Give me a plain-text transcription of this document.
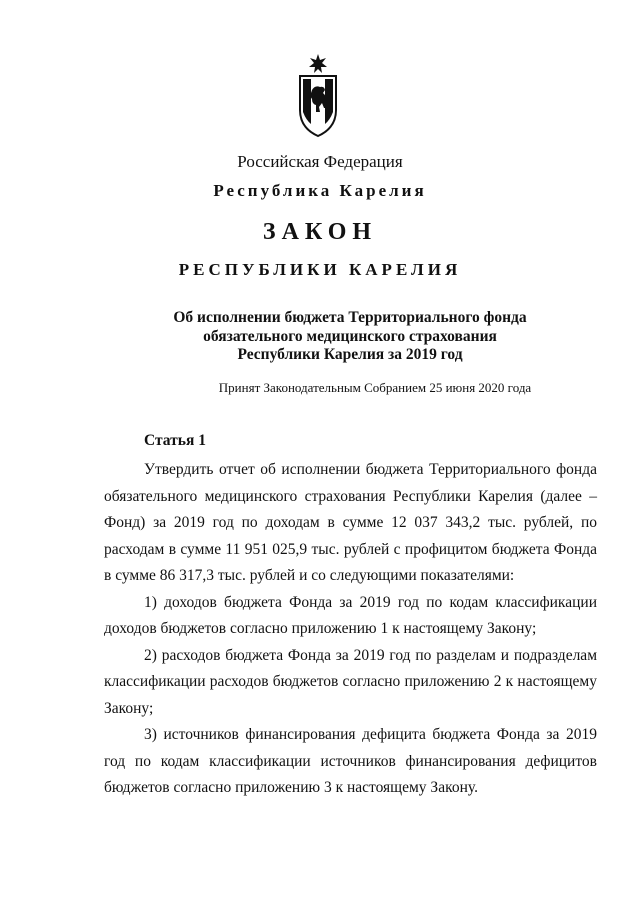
Российская Федерация
Республика Карелия
ЗАКОН
РЕСПУБЛИКИ КАРЕЛИЯ
Об исполнении бюджета Территориального фонда
обязательного медицинского страхования
Республики Карелия за 2019 год
Принят Законодательным Собранием 25 июня 2020 года
Статья 1

Утвердить отчет об исполнении бюджета Территориального фонда обязательного медицинского страхования Республики Карелия (далее – Фонд) за 2019 год по доходам в сумме 12 037 343,2 тыс. рублей, по расходам в сумме 11 951 025,9 тыс. рублей с профицитом бюджета Фонда в сумме 86 317,3 тыс. рублей и со следующими показателями:

1) доходов бюджета Фонда за 2019 год по кодам классификации доходов бюджетов согласно приложению 1 к настоящему Закону;

2) расходов бюджета Фонда за 2019 год по разделам и подразделам классификации расходов бюджетов согласно приложению 2 к настоящему Закону;

3) источников финансирования дефицита бюджета Фонда за 2019 год по кодам классификации источников финансирования дефицитов бюджетов согласно приложению 3 к настоящему Закону.
